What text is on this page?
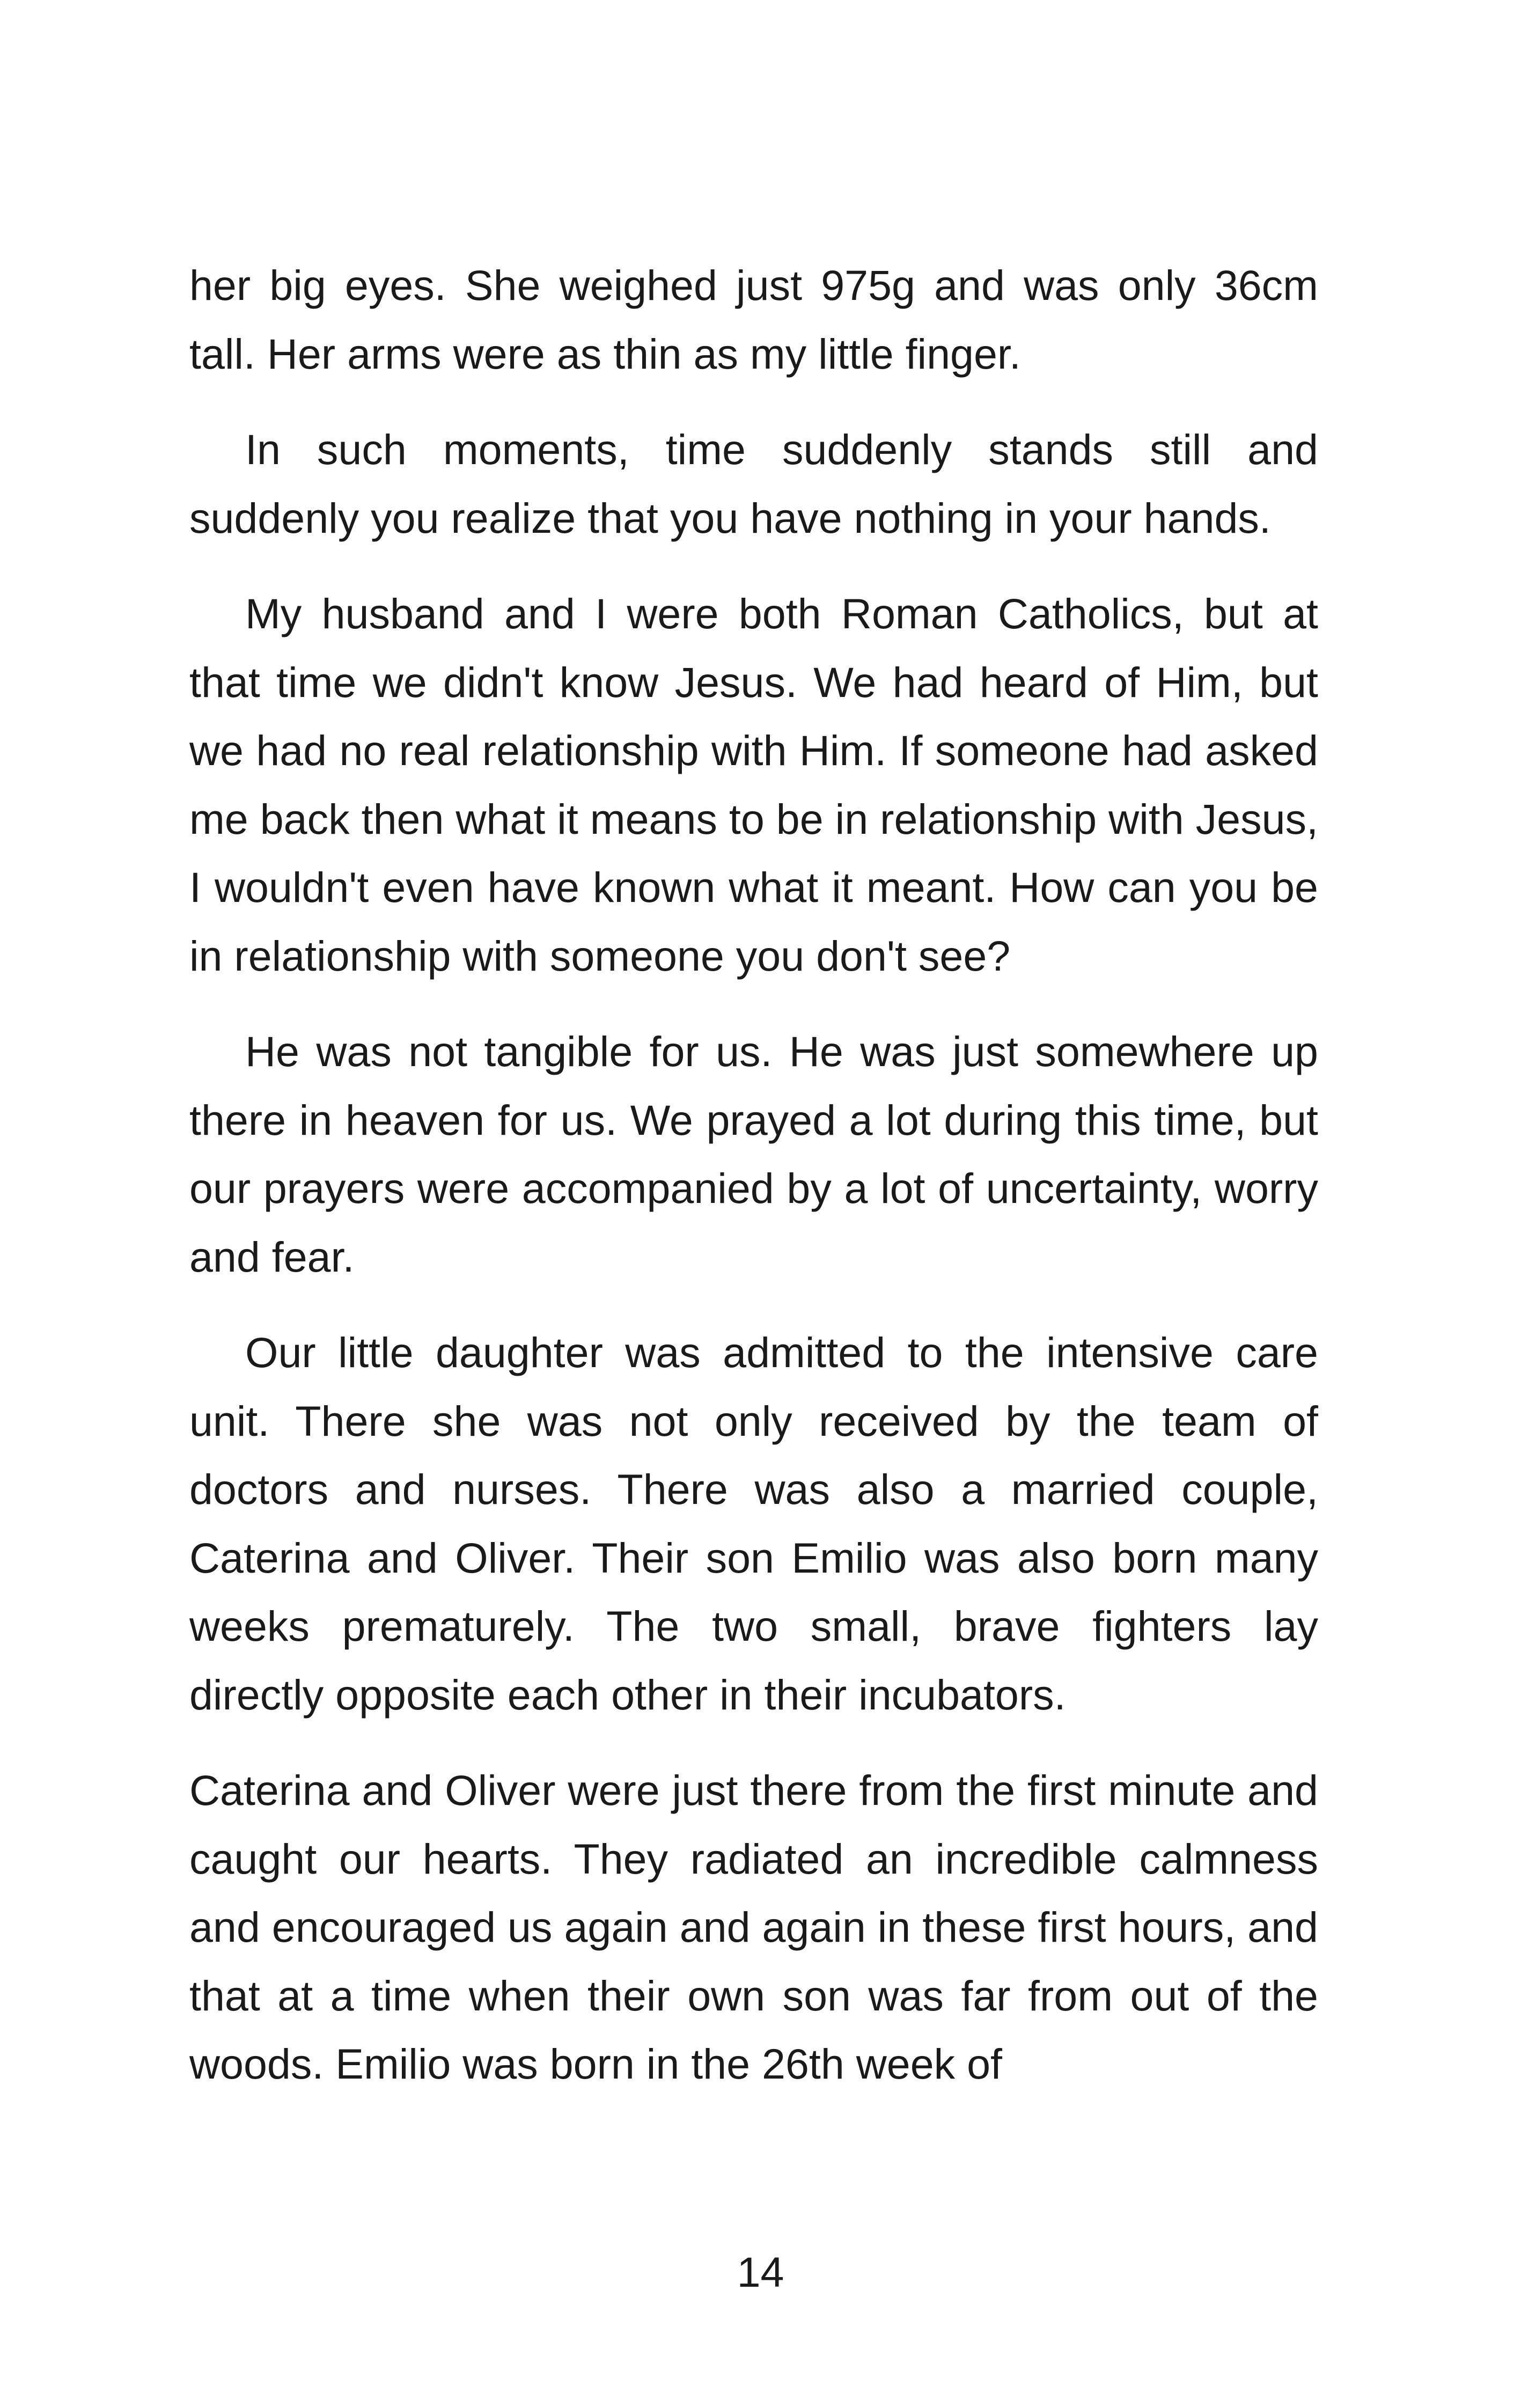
her big eyes. She weighed just 975g and was only 36cm tall. Her arms were as thin as my little finger.

In such moments, time suddenly stands still and suddenly you realize that you have nothing in your hands.

My husband and I were both Roman Catholics, but at that time we didn't know Jesus. We had heard of Him, but we had no real relationship with Him. If someone had asked me back then what it means to be in relationship with Jesus, I wouldn't even have known what it meant. How can you be in relationship with someone you don't see?

He was not tangible for us. He was just somewhere up there in heaven for us. We prayed a lot during this time, but our prayers were accompanied by a lot of uncertainty, worry and fear.

Our little daughter was admitted to the intensive care unit. There she was not only received by the team of doctors and nurses. There was also a married couple, Caterina and Oliver. Their son Emilio was also born many weeks prematurely. The two small, brave fighters lay directly opposite each other in their incubators.

Caterina and Oliver were just there from the first minute and caught our hearts. They radiated an incredible calmness and encouraged us again and again in these first hours, and that at a time when their own son was far from out of the woods. Emilio was born in the 26th week of

14
